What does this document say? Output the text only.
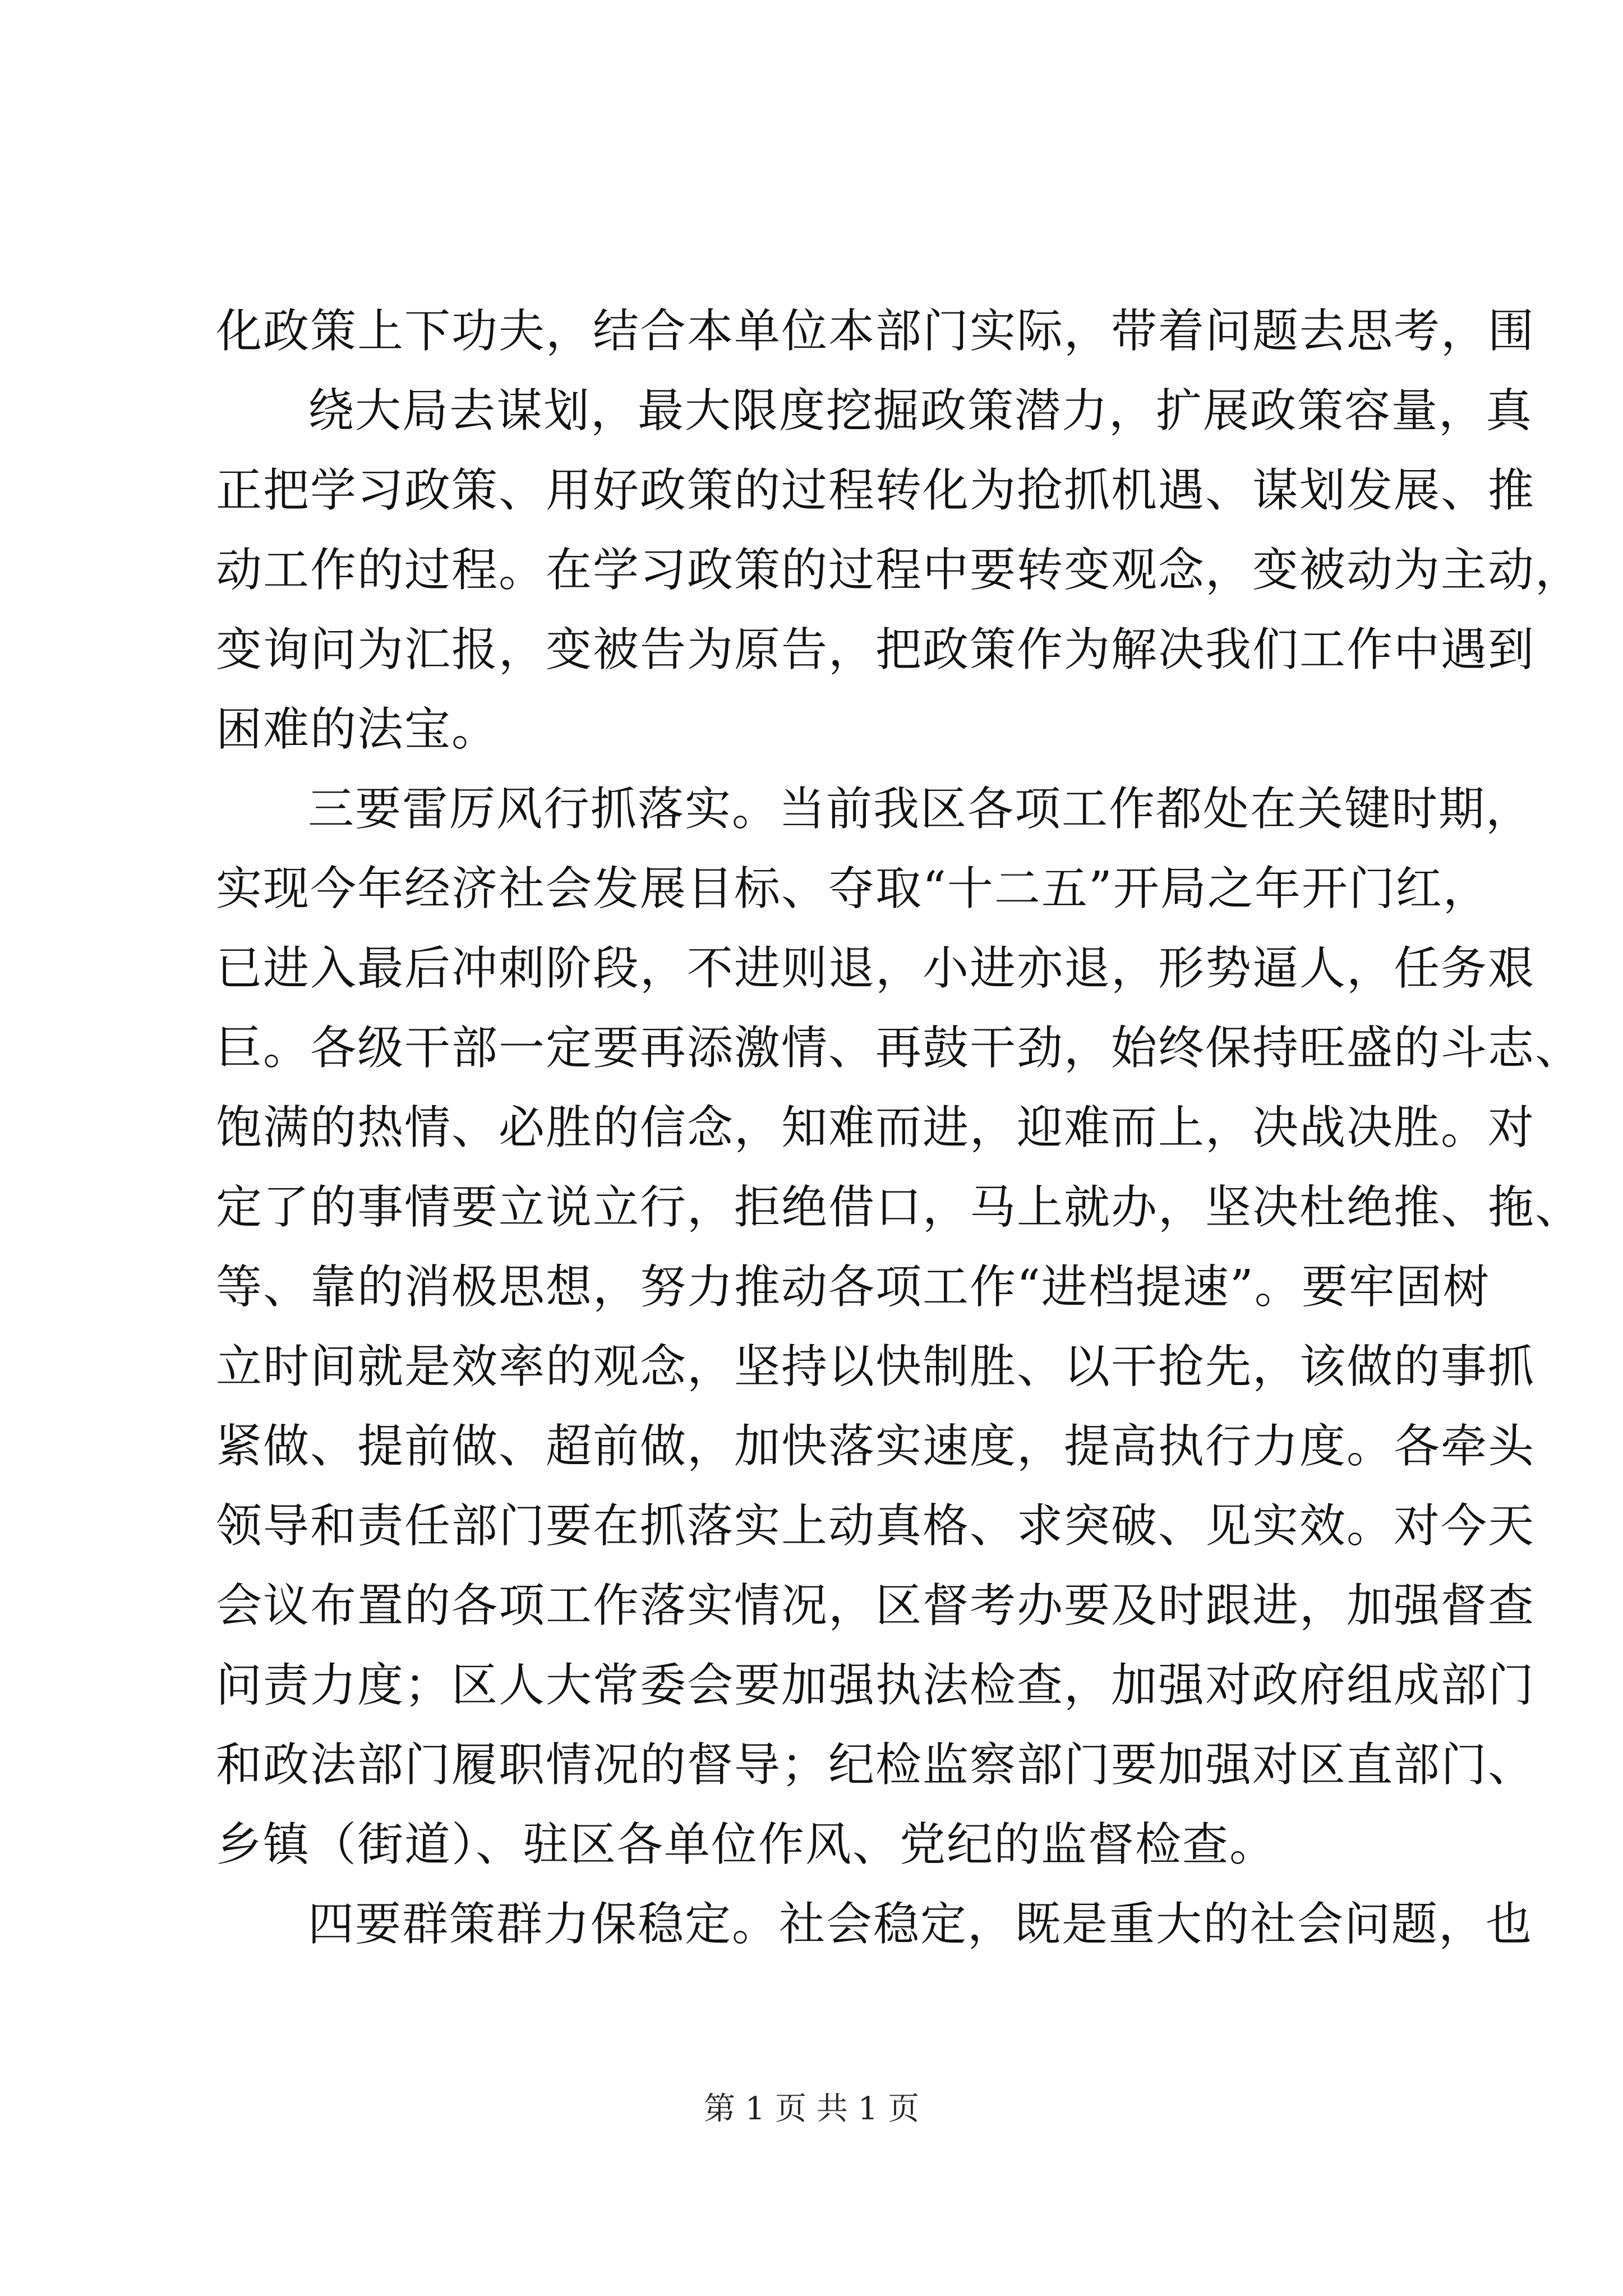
化政策上下功夫，结合本单位本部门实际，带着问题去思考，围
绕大局去谋划，最大限度挖掘政策潜力，扩展政策容量，真
正把学习政策、用好政策的过程转化为抢抓机遇、谋划发展、推
动工作的过程。在学习政策的过程中要转变观念，变被动为主动，
变询问为汇报，变被告为原告，把政策作为解决我们工作中遇到
困难的法宝。
三要雷厉风行抓落实。当前我区各项工作都处在关键时期，
实现今年经济社会发展目标、夺取“十二五”开局之年开门红，
已进入最后冲刺阶段，不进则退，小进亦退，形势逼人，任务艰
巨。各级干部一定要再添激情、再鼓干劲，始终保持旺盛的斗志、
饱满的热情、必胜的信念，知难而进，迎难而上，决战决胜。对
定了的事情要立说立行，拒绝借口，马上就办，坚决杜绝推、拖、
等、靠的消极思想，努力推动各项工作“进档提速”。要牢固树
立时间就是效率的观念，坚持以快制胜、以干抢先，该做的事抓
紧做、提前做、超前做，加快落实速度，提高执行力度。各牵头
领导和责任部门要在抓落实上动真格、求突破、见实效。对今天
会议布置的各项工作落实情况，区督考办要及时跟进，加强督查
问责力度；区人大常委会要加强执法检查，加强对政府组成部门
和政法部门履职情况的督导；纪检监察部门要加强对区直部门、
乡镇（街道）、驻区各单位作风、党纪的监督检查。
四要群策群力保稳定。社会稳定，既是重大的社会问题，也
第 1 页 共 1 页
